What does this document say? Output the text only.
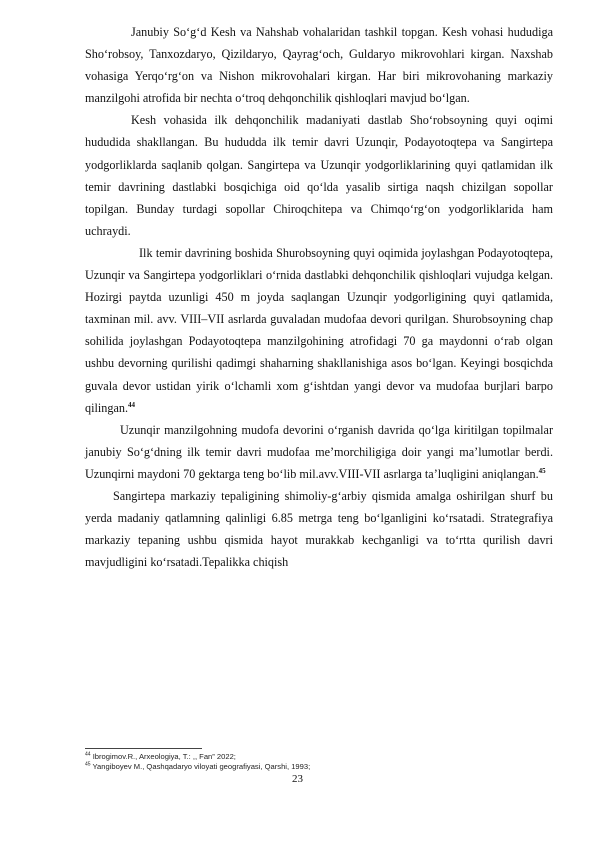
Janubiy So‘g‘d Kesh va Nahshab vohalaridan tashkil topgan. Kesh vohasi hududiga Sho‘robsoy, Tanxozdaryo, Qizildaryo, Qayrag‘och, Guldaryo mikrovohlari kirgan. Naxshab vohasiga Yerqo‘rg‘on va Nishon mikrovohalari kirgan. Har biri mikrovohaning markaziy manzilgohi atrofida bir nechta o‘troq dehqonchilik qishloqlari mavjud bo‘lgan.

Kesh vohasida ilk dehqonchilik madaniyati dastlab Sho‘robsoyning quyi oqimi hududida shakllangan. Bu hududda ilk temir davri Uzunqir, Podayotoqtepa va Sangirtepa yodgorliklarda saqlanib qolgan. Sangirtepa va Uzunqir yodgorliklarining quyi qatlamidan ilk temir davrining dastlabki bosqichiga oid qo‘lda yasalib sirtiga naqsh chizilgan sopollar topilgan. Bunday turdagi sopollar Chiroqchitepa va Chimqo‘rg‘on yodgorliklarida ham uchraydi.

Ilk temir davrining boshida Shurobsoyning quyi oqimida joylashgan Podayotoqtepa, Uzunqir va Sangirtepa yodgorliklari o‘rnida dastlabki dehqonchilik qishloqlari vujudga kelgan. Hozirgi paytda uzunligi 450 m joyda saqlangan Uzunqir yodgorligining quyi qatlamida, taxminan mil. avv. VIII–VII asrlarda guvaladan mudofaa devori qurilgan. Shurobsoyning chap sohilida joylashgan Podayotoqtepa manzilgohining atrofidagi 70 ga maydonni o‘rab olgan ushbu devorning qurilishi qadimgi shaharning shakllanishiga asos bo‘lgan. Keyingi bosqichda guvala devor ustidan yirik o‘lchamli xom g‘ishtdan yangi devor va mudofaa burjlari barpo qilingan.$^{44}$

Uzunqir manzilgohning mudofa devorini o‘rganish davrida qo‘lga kiritilgan topilmalar janubiy So‘g‘dning ilk temir davri mudofaa me’morchiligiga doir yangi ma’lumotlar berdi. Uzunqirni maydoni 70 gektarga teng bo‘lib mil.avv.VIII-VII asrlarga ta’luqligini aniqlangan.$^{45}$

Sangirtepa markaziy tepaligining shimoliy-g‘arbiy qismida amalga oshirilgan shurf bu yerda madaniy qatlamning qalinligi 6.85 metrga teng bo‘lganligini ko‘rsatadi. Strategrafiya markaziy tepaning ushbu qismida hayot murakkab kechganligi va to‘rtta qurilish davri mavjudligini ko‘rsatadi.Tepalikka chiqish

$^{44}$ Ibrogimov.R., Arxeologiya, T.: ,, Fan” 2022;

$^{45}$ Yangiboyev M., Qashqadaryo viloyati geografiyasi, Qarshi, 1993;

23
